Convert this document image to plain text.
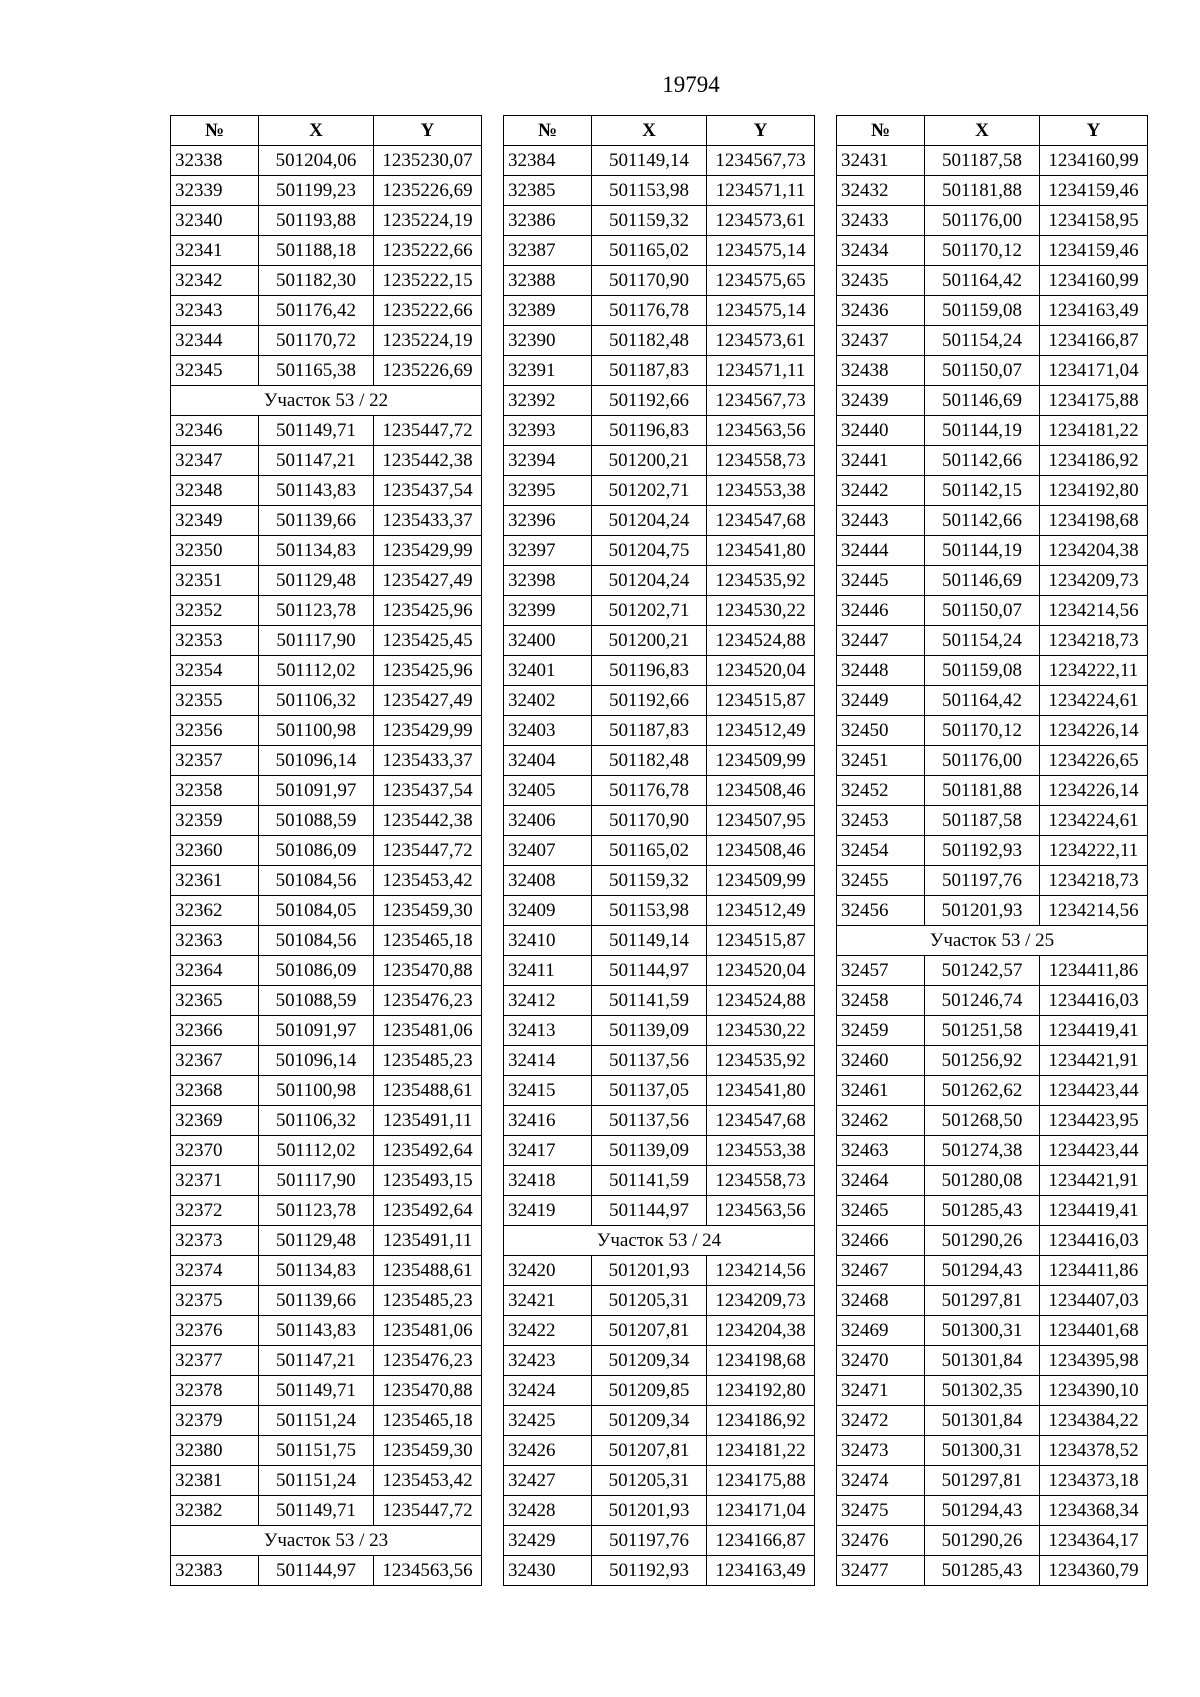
19794
№	X	Y
32338	501204,06	1235230,07
32339	501199,23	1235226,69
32340	501193,88	1235224,19
32341	501188,18	1235222,66
32342	501182,30	1235222,15
32343	501176,42	1235222,66
32344	501170,72	1235224,19
32345	501165,38	1235226,69
Участок 53 / 22		
32346	501149,71	1235447,72
32347	501147,21	1235442,38
32348	501143,83	1235437,54
32349	501139,66	1235433,37
32350	501134,83	1235429,99
32351	501129,48	1235427,49
32352	501123,78	1235425,96
32353	501117,90	1235425,45
32354	501112,02	1235425,96
32355	501106,32	1235427,49
32356	501100,98	1235429,99
32357	501096,14	1235433,37
32358	501091,97	1235437,54
32359	501088,59	1235442,38
32360	501086,09	1235447,72
32361	501084,56	1235453,42
32362	501084,05	1235459,30
32363	501084,56	1235465,18
32364	501086,09	1235470,88
32365	501088,59	1235476,23
32366	501091,97	1235481,06
32367	501096,14	1235485,23
32368	501100,98	1235488,61
32369	501106,32	1235491,11
32370	501112,02	1235492,64
32371	501117,90	1235493,15
32372	501123,78	1235492,64
32373	501129,48	1235491,11
32374	501134,83	1235488,61
32375	501139,66	1235485,23
32376	501143,83	1235481,06
32377	501147,21	1235476,23
32378	501149,71	1235470,88
32379	501151,24	1235465,18
32380	501151,75	1235459,30
32381	501151,24	1235453,42
32382	501149,71	1235447,72
Участок 53 / 23		
32383	501144,97	1234563,56
№	X	Y
32384	501149,14	1234567,73
32385	501153,98	1234571,11
32386	501159,32	1234573,61
32387	501165,02	1234575,14
32388	501170,90	1234575,65
32389	501176,78	1234575,14
32390	501182,48	1234573,61
32391	501187,83	1234571,11
32392	501192,66	1234567,73
32393	501196,83	1234563,56
32394	501200,21	1234558,73
32395	501202,71	1234553,38
32396	501204,24	1234547,68
32397	501204,75	1234541,80
32398	501204,24	1234535,92
32399	501202,71	1234530,22
32400	501200,21	1234524,88
32401	501196,83	1234520,04
32402	501192,66	1234515,87
32403	501187,83	1234512,49
32404	501182,48	1234509,99
32405	501176,78	1234508,46
32406	501170,90	1234507,95
32407	501165,02	1234508,46
32408	501159,32	1234509,99
32409	501153,98	1234512,49
32410	501149,14	1234515,87
32411	501144,97	1234520,04
32412	501141,59	1234524,88
32413	501139,09	1234530,22
32414	501137,56	1234535,92
32415	501137,05	1234541,80
32416	501137,56	1234547,68
32417	501139,09	1234553,38
32418	501141,59	1234558,73
32419	501144,97	1234563,56
Участок 53 / 24		
32420	501201,93	1234214,56
32421	501205,31	1234209,73
32422	501207,81	1234204,38
32423	501209,34	1234198,68
32424	501209,85	1234192,80
32425	501209,34	1234186,92
32426	501207,81	1234181,22
32427	501205,31	1234175,88
32428	501201,93	1234171,04
32429	501197,76	1234166,87
32430	501192,93	1234163,49
№	X	Y
32431	501187,58	1234160,99
32432	501181,88	1234159,46
32433	501176,00	1234158,95
32434	501170,12	1234159,46
32435	501164,42	1234160,99
32436	501159,08	1234163,49
32437	501154,24	1234166,87
32438	501150,07	1234171,04
32439	501146,69	1234175,88
32440	501144,19	1234181,22
32441	501142,66	1234186,92
32442	501142,15	1234192,80
32443	501142,66	1234198,68
32444	501144,19	1234204,38
32445	501146,69	1234209,73
32446	501150,07	1234214,56
32447	501154,24	1234218,73
32448	501159,08	1234222,11
32449	501164,42	1234224,61
32450	501170,12	1234226,14
32451	501176,00	1234226,65
32452	501181,88	1234226,14
32453	501187,58	1234224,61
32454	501192,93	1234222,11
32455	501197,76	1234218,73
32456	501201,93	1234214,56
Участок 53 / 25		
32457	501242,57	1234411,86
32458	501246,74	1234416,03
32459	501251,58	1234419,41
32460	501256,92	1234421,91
32461	501262,62	1234423,44
32462	501268,50	1234423,95
32463	501274,38	1234423,44
32464	501280,08	1234421,91
32465	501285,43	1234419,41
32466	501290,26	1234416,03
32467	501294,43	1234411,86
32468	501297,81	1234407,03
32469	501300,31	1234401,68
32470	501301,84	1234395,98
32471	501302,35	1234390,10
32472	501301,84	1234384,22
32473	501300,31	1234378,52
32474	501297,81	1234373,18
32475	501294,43	1234368,34
32476	501290,26	1234364,17
32477	501285,43	1234360,79
